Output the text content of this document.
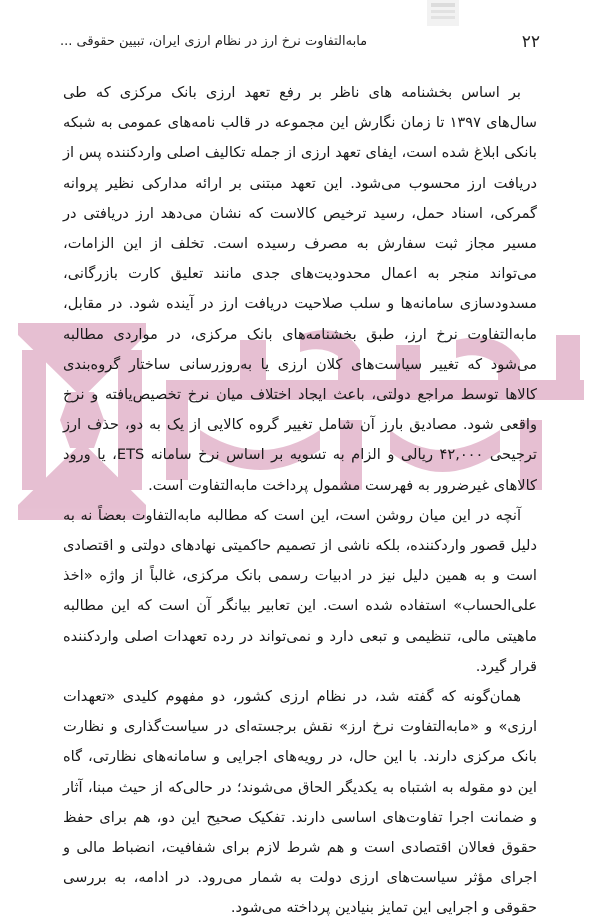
۲۲
مابه‌التفاوت نرخ ارز در نظام ارزی ایران، تبیین حقوقی ...

بر اساس بخشنامه های ناظر بر رفع تعهد ارزی بانک مرکزی که طی سال‌های ۱۳۹۷ تا زمان نگارش این مجموعه در قالب نامه‌های عمومی به شبکه بانکی ابلاغ شده است، ایفای تعهد ارزی از جمله تکالیف اصلی واردکننده پس از دریافت ارز محسوب می‌شود. این تعهد مبتنی بر ارائه مدارکی نظیر پروانه گمرکی، اسناد حمل، رسید ترخیص کالاست که نشان می‌دهد ارز دریافتی در مسیر مجاز ثبت سفارش به مصرف رسیده است. تخلف از این الزامات، می‌تواند منجر به اعمال محدودیت‌های جدی مانند تعلیق کارت بازرگانی، مسدودسازی سامانه‌ها و سلب صلاحیت دریافت ارز در آینده شود. در مقابل، مابه‌التفاوت نرخ ارز، طبق بخشنامه‌های بانک مرکزی، در مواردی مطالبه می‌شود که تغییر سیاست‌های کلان ارزی یا به‌روزرسانی ساختار گروه‌بندی کالاها توسط مراجع دولتی، باعث ایجاد اختلاف میان نرخ تخصیص‌یافته و نرخ واقعی شود. مصادیق بارز آن شامل تغییر گروه کالایی از یک به دو، حذف ارز ترجیحی ۴۲,۰۰۰ ریالی و الزام به تسویه بر اساس نرخ سامانه ETS، یا ورود کالاهای غیرضرور به فهرست مشمول پرداخت مابه‌التفاوت است.

آنچه در این میان روشن است، این است که مطالبه مابه‌التفاوت بعضاً نه به دلیل قصور واردکننده، بلکه ناشی از تصمیم حاکمیتی نهادهای دولتی و اقتصادی است و به همین دلیل نیز در ادبیات رسمی بانک مرکزی، غالباً از واژه «اخذ علی‌الحساب» استفاده شده است. این تعابیر بیانگر آن است که این مطالبه ماهیتی مالی، تنظیمی و تبعی دارد و نمی‌تواند در رده تعهدات اصلی واردکننده قرار گیرد.

همان‌گونه که گفته شد، در نظام ارزی کشور، دو مفهوم کلیدی «تعهدات ارزی» و «مابه‌التفاوت نرخ ارز» نقش برجسته‌ای در سیاست‌گذاری و نظارت بانک مرکزی دارند. با این حال، در رویه‌های اجرایی و سامانه‌های نظارتی، گاه این دو مقوله به اشتباه به یکدیگر الحاق می‌شوند؛ در حالی‌که از حیث مبنا، آثار و ضمانت اجرا تفاوت‌های اساسی دارند. تفکیک صحیح این دو، هم برای حفظ حقوق فعالان اقتصادی است و هم شرط لازم برای شفافیت، انضباط مالی و اجرای مؤثر سیاست‌های ارزی دولت به شمار می‌رود. در ادامه، به بررسی حقوقی و اجرایی این تمایز بنیادین پرداخته می‌شود.
